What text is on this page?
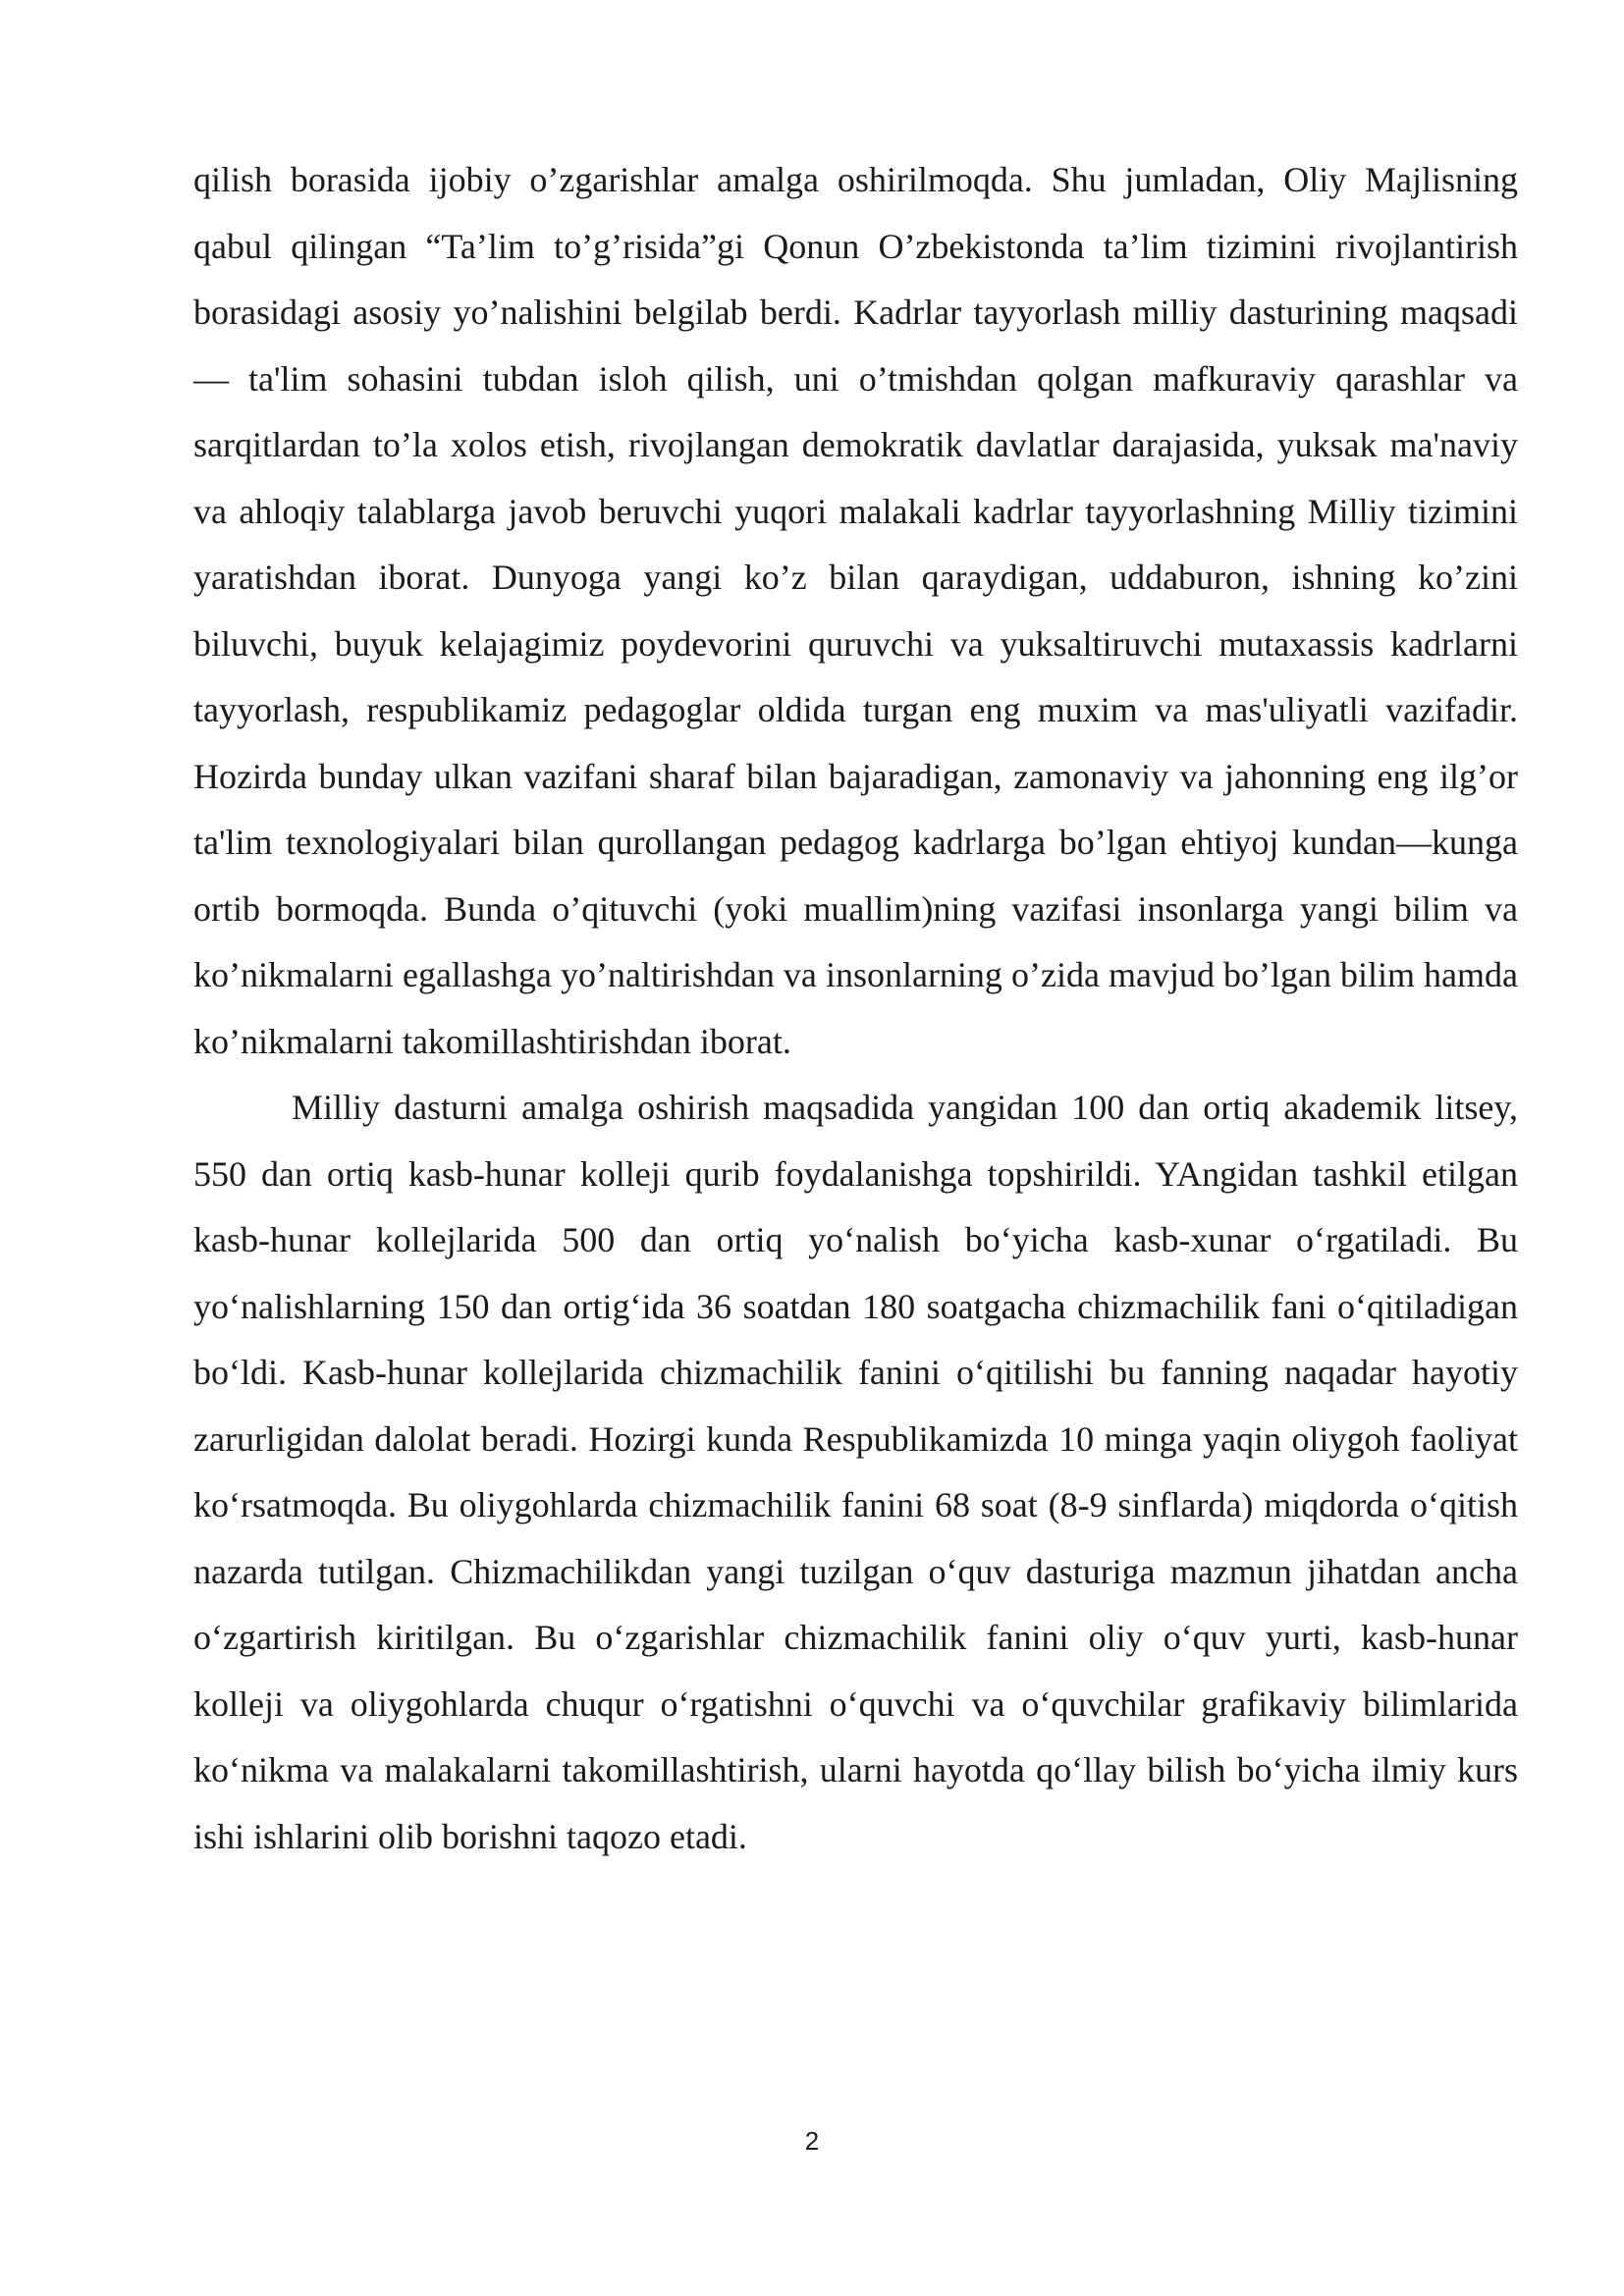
qilish borasida ijobiy o’zgarishlar amalga oshirilmoqda. Shu jumladan, Oliy Majlisning qabul qilingan “Ta’lim to’g’risida”gi Qonun O’zbekistonda ta’lim tizimini rivojlantirish borasidagi asosiy yo’nalishini belgilab berdi. Kadrlar tayyorlash milliy dasturining maqsadi — ta'lim sohasini tubdan isloh qilish, uni o’tmishdan qolgan mafkuraviy qarashlar va sarqitlardan to’la xolos etish, rivojlangan demokratik davlatlar darajasida, yuksak ma'naviy va ahloqiy talablarga javob beruvchi yuqori malakali kadrlar tayyorlashning Milliy tizimini yaratishdan iborat. Dunyoga yangi ko’z bilan qaraydigan, uddaburon, ishning ko’zini biluvchi, buyuk kelajagimiz poydevorini quruvchi va yuksaltiruvchi mutaxassis kadrlarni tayyorlash, respublikamiz pedagoglar oldida turgan eng muxim va mas'uliyatli vazifadir. Hozirda bunday ulkan vazifani sharaf bilan bajaradigan, zamonaviy va jahonning eng ilg’or ta'lim texnologiyalari bilan qurollangan pedagog kadrlarga bo’lgan ehtiyoj kundan—kunga ortib bormoqda. Bunda o’qituvchi (yoki muallim)ning vazifasi insonlarga yangi bilim va ko’nikmalarni egallashga yo’naltirishdan va insonlarning o’zida mavjud bo’lgan bilim hamda ko’nikmalarni takomillashtirishdan iborat.

Milliy dasturni amalga oshirish maqsadida yangidan 100 dan ortiq akademik litsey, 550 dan ortiq kasb-hunar kolleji qurib foydalanishga topshirildi. YAngidan tashkil etilgan kasb-hunar kollejlarida 500 dan ortiq yo‘nalish bo‘yicha kasb-xunar o‘rgatiladi. Bu yo‘nalishlarning 150 dan ortig‘ida 36 soatdan 180 soatgacha chizmachilik fani o‘qitiladigan bo‘ldi. Kasb-hunar kollejlarida chizmachilik fanini o‘qitilishi bu fanning naqadar hayotiy zarurligidan dalolat beradi. Hozirgi kunda Respublikamizda 10 minga yaqin oliygoh faoliyat ko‘rsatmoqda. Bu oliygohlarda chizmachilik fanini 68 soat (8-9 sinflarda) miqdorda o‘qitish nazarda tutilgan. Chizmachilikdan yangi tuzilgan o‘quv dasturiga mazmun jihatdan ancha o‘zgartirish kiritilgan. Bu o‘zgarishlar chizmachilik fanini oliy o‘quv yurti, kasb-hunar kolleji va oliygohlarda chuqur o‘rgatishni o‘quvchi va o‘quvchilar grafikaviy bilimlarida ko‘nikma va malakalarni takomillashtirish, ularni hayotda qo‘llay bilish bo‘yicha ilmiy kurs ishi ishlarini olib borishni taqozo etadi.

2
